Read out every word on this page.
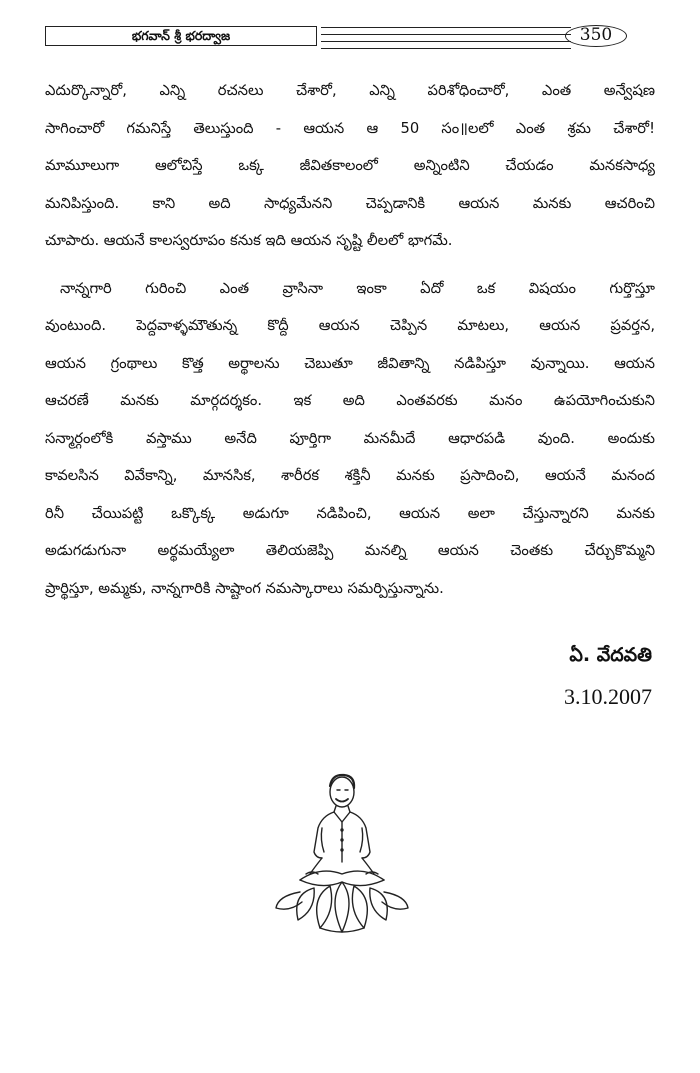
భగవాన్ శ్రీ భరద్వాజ	350
ఎదుర్కొన్నారో, ఎన్ని రచనలు చేశారో, ఎన్ని పరిశోధించారో, ఎంత అన్వేషణ
సాగించారో గమనిస్తే తెలుస్తుంది - ఆయన ఆ 50 సం॥లలో ఎంత శ్రమ చేశారో!
మామూలుగా ఆలోచిస్తే ఒక్క జీవితకాలంలో అన్నింటిని చేయడం మనకసాధ్య
మనిపిస్తుంది. కాని అది సాధ్యమేనని చెప్పడానికి ఆయన మనకు ఆచరించి
చూపారు. ఆయనే కాలస్వరూపం కనుక ఇది ఆయన సృష్టి లీలలో భాగమే.
నాన్నగారి గురించి ఎంత వ్రాసినా ఇంకా ఏదో ఒక విషయం గుర్తొస్తూ
వుంటుంది. పెద్దవాళ్ళమౌతున్న కొద్దీ ఆయన చెప్పిన మాటలు, ఆయన ప్రవర్తన,
ఆయన గ్రంథాలు కొత్త అర్థాలను చెబుతూ జీవితాన్ని నడిపిస్తూ వున్నాయి. ఆయన
ఆచరణే మనకు మార్గదర్శకం. ఇక అది ఎంతవరకు మనం ఉపయోగించుకుని
సన్మార్గంలోకి వస్తాము అనేది పూర్తిగా మనమీదే ఆధారపడి వుంది. అందుకు
కావలసిన వివేకాన్ని, మానసిక, శారీరక శక్తినీ మనకు ప్రసాదించి, ఆయనే మనంద
రినీ చేయిపట్టి ఒక్కొక్క అడుగూ నడిపించి, ఆయన అలా చేస్తున్నారని మనకు
అడుగడుగునా అర్థమయ్యేలా తెలియజెప్పి మనల్ని ఆయన చెంతకు చేర్చుకొమ్మని
ప్రార్థిస్తూ, అమ్మకు, నాన్నగారికి సాష్టాంగ నమస్కారాలు సమర్పిస్తున్నాను.
ఏ. వేదవతి
3.10.2007
